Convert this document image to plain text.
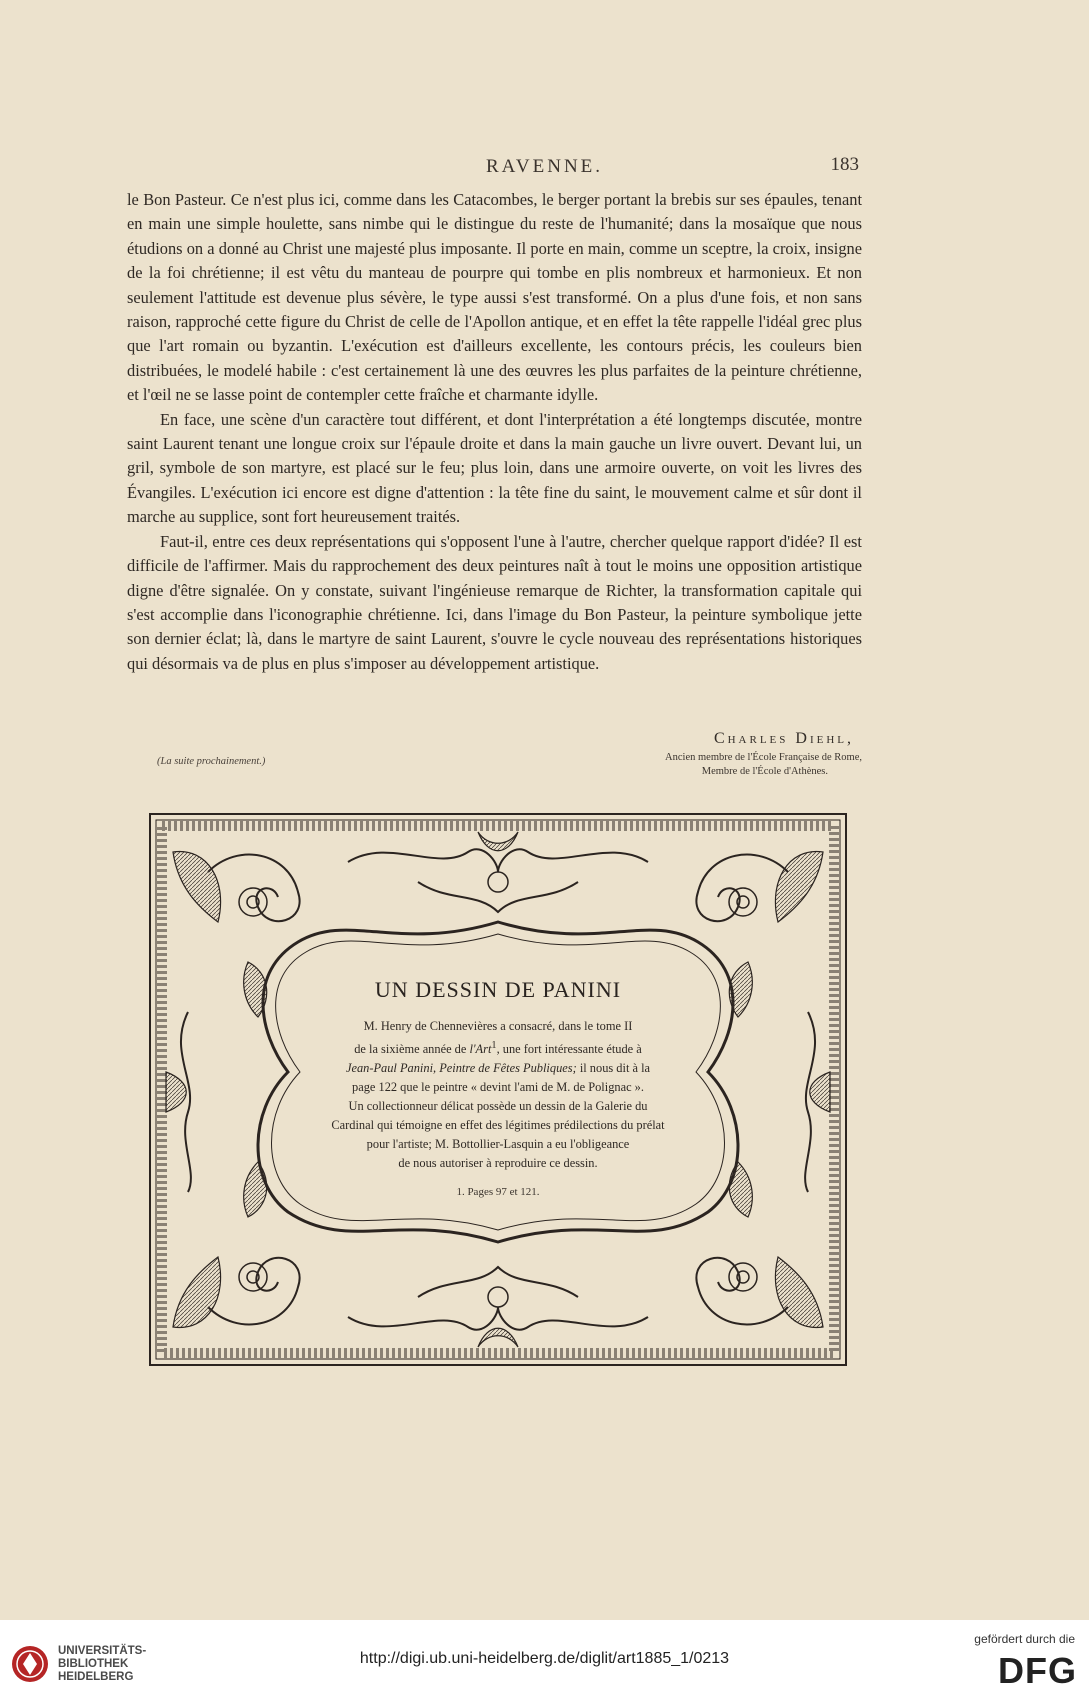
RAVENNE.	183

le Bon Pasteur. Ce n'est plus ici, comme dans les Catacombes, le berger portant la brebis sur ses épaules, tenant en main une simple houlette, sans nimbe qui le distingue du reste de l'humanité; dans la mosaïque que nous étudions on a donné au Christ une majesté plus imposante. Il porte en main, comme un sceptre, la croix, insigne de la foi chrétienne; il est vêtu du manteau de pourpre qui tombe en plis nombreux et harmonieux. Et non seulement l'attitude est devenue plus sévère, le type aussi s'est transformé. On a plus d'une fois, et non sans raison, rapproché cette figure du Christ de celle de l'Apollon antique, et en effet la tête rappelle l'idéal grec plus que l'art romain ou byzantin. L'exécution est d'ailleurs excellente, les contours précis, les couleurs bien distribuées, le modelé habile : c'est certainement là une des œuvres les plus parfaites de la peinture chrétienne, et l'œil ne se lasse point de contempler cette fraîche et charmante idylle.

En face, une scène d'un caractère tout différent, et dont l'interprétation a été longtemps discutée, montre saint Laurent tenant une longue croix sur l'épaule droite et dans la main gauche un livre ouvert. Devant lui, un gril, symbole de son martyre, est placé sur le feu; plus loin, dans une armoire ouverte, on voit les livres des Évangiles. L'exécution ici encore est digne d'attention : la tête fine du saint, le mouvement calme et sûr dont il marche au supplice, sont fort heureusement traités.

Faut-il, entre ces deux représentations qui s'opposent l'une à l'autre, chercher quelque rapport d'idée? Il est difficile de l'affirmer. Mais du rapprochement des deux peintures naît à tout le moins une opposition artistique digne d'être signalée. On y constate, suivant l'ingénieuse remarque de Richter, la transformation capitale qui s'est accomplie dans l'iconographie chrétienne. Ici, dans l'image du Bon Pasteur, la peinture symbolique jette son dernier éclat; là, dans le martyre de saint Laurent, s'ouvre le cycle nouveau des représentations historiques qui désormais va de plus en plus s'imposer au développement artistique.

Charles Diehl,
Ancien membre de l'École Française de Rome,
Membre de l'École d'Athènes.
(La suite prochainement.)
UN DESSIN DE PANINI
M. Henry de Chennevières a consacré, dans le tome II
de la sixième année de l'Art$^1$, une fort intéressante étude à
Jean-Paul Panini, Peintre de Fêtes Publiques; il nous dit à la
page 122 que le peintre « devint l'ami de M. de Polignac ».
Un collectionneur délicat possède un dessin de la Galerie du
Cardinal qui témoigne en effet des légitimes prédilections du prélat
pour l'artiste; M. Bottollier-Lasquin a eu l'obligeance
de nous autoriser à reproduire ce dessin.
1. Pages 97 et 121.
UNIVERSITÄTS-
BIBLIOTHEK
HEIDELBERG
http://digi.ub.uni-heidelberg.de/diglit/art1885_1/0213
gefördert durch die
DFG
